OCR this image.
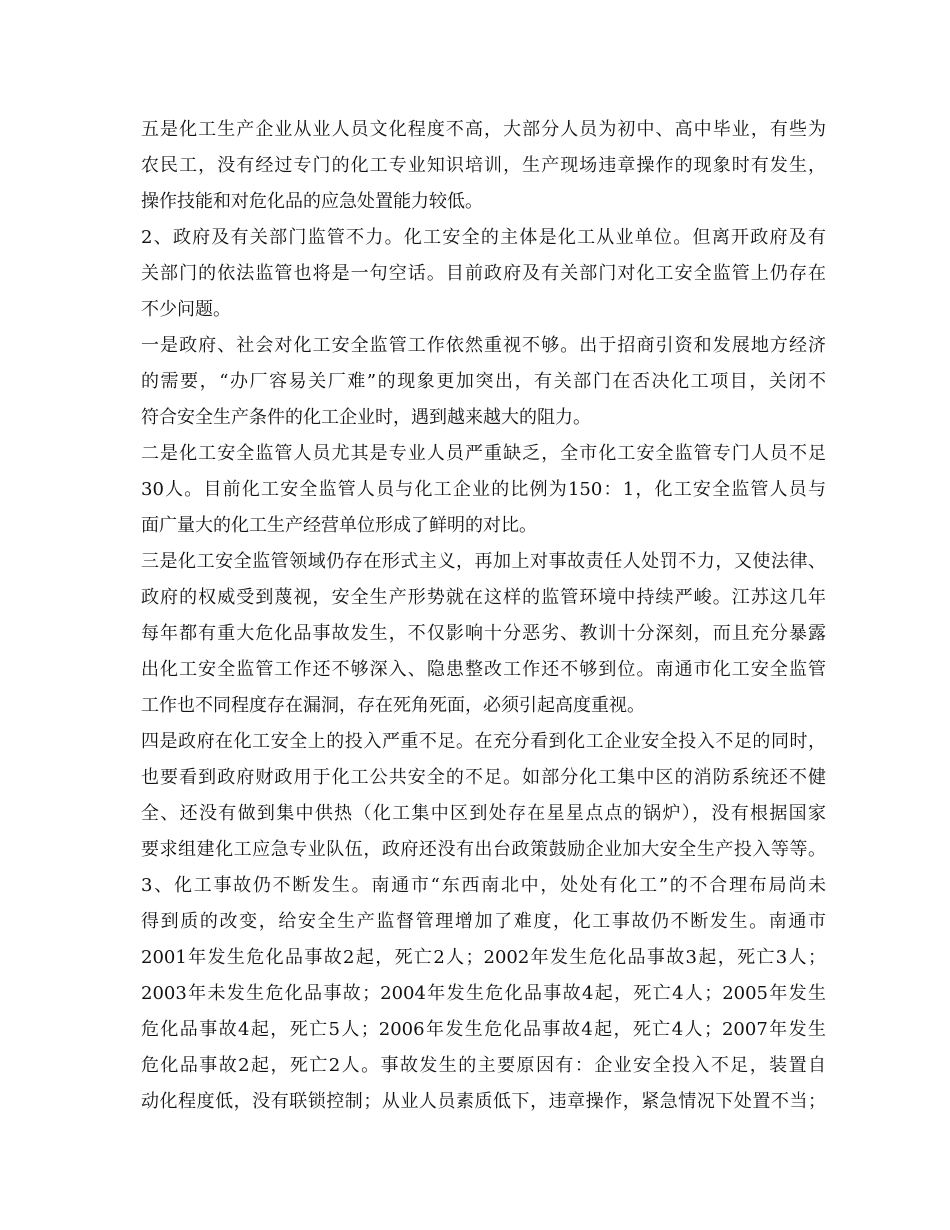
五是化工生产企业从业人员文化程度不高，大部分人员为初中、高中毕业，有些为
农民工，没有经过专门的化工专业知识培训，生产现场违章操作的现象时有发生，
操作技能和对危化品的应急处置能力较低。
2、政府及有关部门监管不力。化工安全的主体是化工从业单位。但离开政府及有
关部门的依法监管也将是一句空话。目前政府及有关部门对化工安全监管上仍存在
不少问题。
一是政府、社会对化工安全监管工作依然重视不够。出于招商引资和发展地方经济
的需要，“办厂容易关厂难”的现象更加突出，有关部门在否决化工项目，关闭不
符合安全生产条件的化工企业时，遇到越来越大的阻力。
二是化工安全监管人员尤其是专业人员严重缺乏，全市化工安全监管专门人员不足
30人。目前化工安全监管人员与化工企业的比例为150：1，化工安全监管人员与
面广量大的化工生产经营单位形成了鲜明的对比。
三是化工安全监管领域仍存在形式主义，再加上对事故责任人处罚不力，又使法律、
政府的权威受到蔑视，安全生产形势就在这样的监管环境中持续严峻。江苏这几年
每年都有重大危化品事故发生，不仅影响十分恶劣、教训十分深刻，而且充分暴露
出化工安全监管工作还不够深入、隐患整改工作还不够到位。南通市化工安全监管
工作也不同程度存在漏洞，存在死角死面，必须引起高度重视。
四是政府在化工安全上的投入严重不足。在充分看到化工企业安全投入不足的同时，
也要看到政府财政用于化工公共安全的不足。如部分化工集中区的消防系统还不健
全、还没有做到集中供热（化工集中区到处存在星星点点的锅炉），没有根据国家
要求组建化工应急专业队伍，政府还没有出台政策鼓励企业加大安全生产投入等等。
3、化工事故仍不断发生。南通市“东西南北中，处处有化工”的不合理布局尚未
得到质的改变，给安全生产监督管理增加了难度，化工事故仍不断发生。南通市
2001年发生危化品事故2起，死亡2人；2002年发生危化品事故3起，死亡3人；
2003年未发生危化品事故；2004年发生危化品事故4起，死亡4人；2005年发生
危化品事故4起，死亡5人；2006年发生危化品事故4起，死亡4人；2007年发生
危化品事故2起，死亡2人。事故发生的主要原因有：企业安全投入不足，装置自
动化程度低，没有联锁控制；从业人员素质低下，违章操作，紧急情况下处置不当；
